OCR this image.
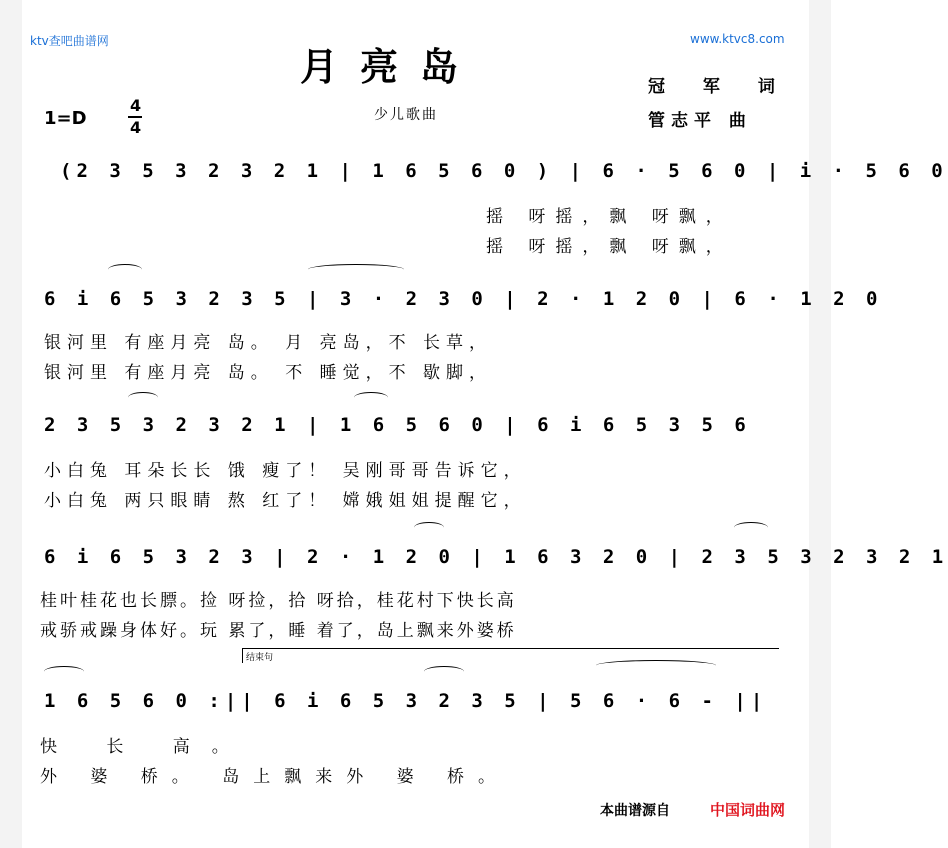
ktv查吧曲谱网	www.ktvc8.com
月亮岛	冠 军 词
管志平 曲
1=D
4
4
少儿歌曲
(2 3 5 3 2 3 2 1 | 1 6 5 6 0 ) | 6 · 5 6 0 | i · 5 6 0
摇 呀摇，飘 呀飘，
摇 呀摇，飘 呀飘，
6 i 6 5 3 2 3 5 | 3 · 2 3 0 | 2 · 1 2 0 | 6 · 1 2 0
银河里 有座月亮 岛。 月 亮岛，不 长草，
银河里 有座月亮 岛。 不 睡觉，不 歇脚，
2 3 5 3 2 3 2 1 | 1 6 5 6 0 | 6 i 6 5 3 5 6
小白兔 耳朵长长 饿 瘦了！ 吴刚哥哥告诉它，
小白兔 两只眼睛 熬 红了！ 嫦娥姐姐提醒它，
6 i 6 5 3 2 3 | 2 · 1 2 0 | 1 6 3 2 0 | 2 3 5 3 2 3 2 1
桂叶桂花也长膘。捡 呀捡，拾 呀拾，桂花村下快长高
戒骄戒躁身体好。玩 累了，睡 着了，岛上飘来外婆桥
结束句
1 6 5 6 0 :|| 6 i 6 5 3 2 3 5 | 5 6 · 6 - ||
快 长 高。
外 婆 桥。 岛上飘来外 婆 桥。
本曲谱源自	中国词曲网
